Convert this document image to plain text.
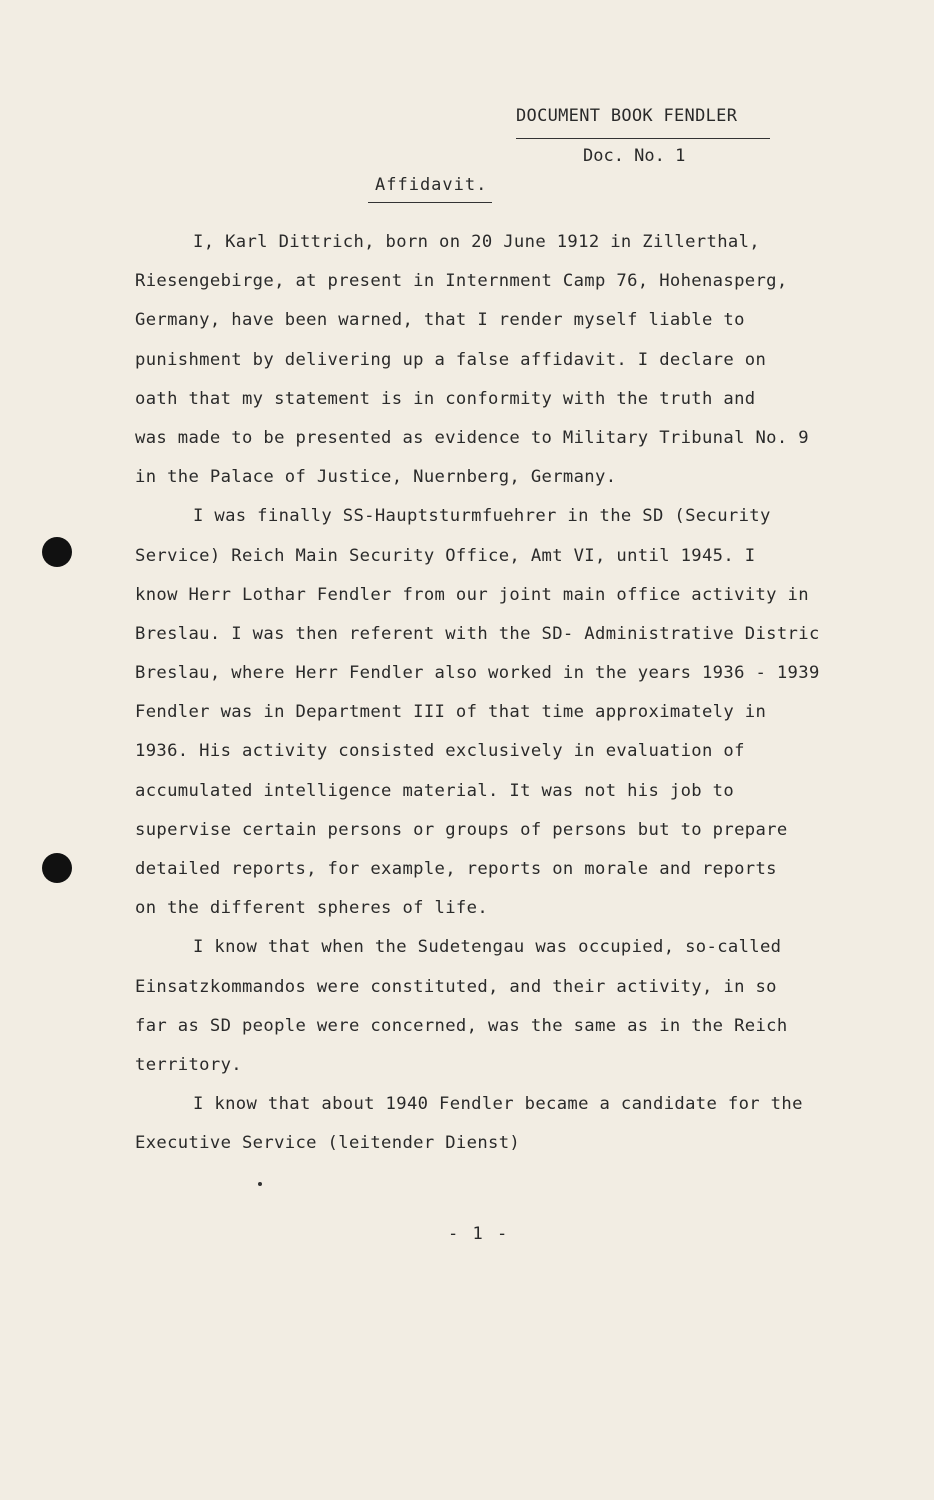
DOCUMENT BOOK FENDLER
Doc. No. 1
Affidavit.
I, Karl Dittrich, born on 20 June 1912 in Zillerthal,
Riesengebirge, at present in Internment Camp 76, Hohenasperg,
Germany, have been warned, that I render myself liable to
punishment by delivering up a false affidavit. I declare on
oath that my statement is in conformity with the truth and
was made to be presented as evidence to Military Tribunal No. 9
in the Palace of Justice, Nuernberg, Germany.
I was finally SS-Hauptsturmfuehrer in the SD (Security
Service) Reich Main Security Office, Amt VI, until 1945. I
know Herr Lothar Fendler from our joint main office activity in
Breslau. I was then referent with the SD- Administrative Distric
Breslau, where Herr Fendler also worked in the years 1936 - 1939
Fendler was in Department III of that time approximately in
1936. His activity consisted exclusively in evaluation of
accumulated intelligence material. It was not his job to
supervise certain persons or groups of persons but to prepare
detailed reports, for example, reports on morale and reports
on the different spheres of life.
I know that when the Sudetengau was occupied, so-called
Einsatzkommandos were constituted, and their activity, in so
far as SD people were concerned, was the same as in the Reich
territory.
I know that about 1940 Fendler became a candidate for the
Executive Service (leitender Dienst)
- 1 -
